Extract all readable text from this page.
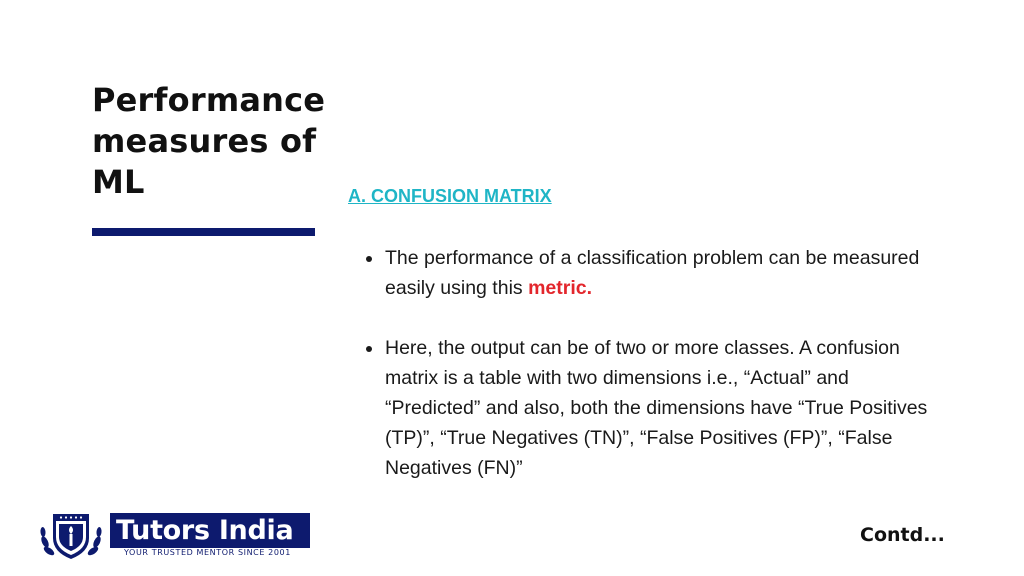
Performance
measures of
ML	A. CONFUSION MATRIX
The performance of a classification problem can be measured easily using this metric.
Here, the output can be of two or more classes. A confusion matrix is a table with two dimensions i.e., “Actual” and “Predicted” and also, both the dimensions have “True Positives (TP)”, “True Negatives (TN)”, “False Positives (FP)”, “False Negatives (FN)”
Tutors India
YOUR TRUSTED MENTOR SINCE 2001
Contd...
